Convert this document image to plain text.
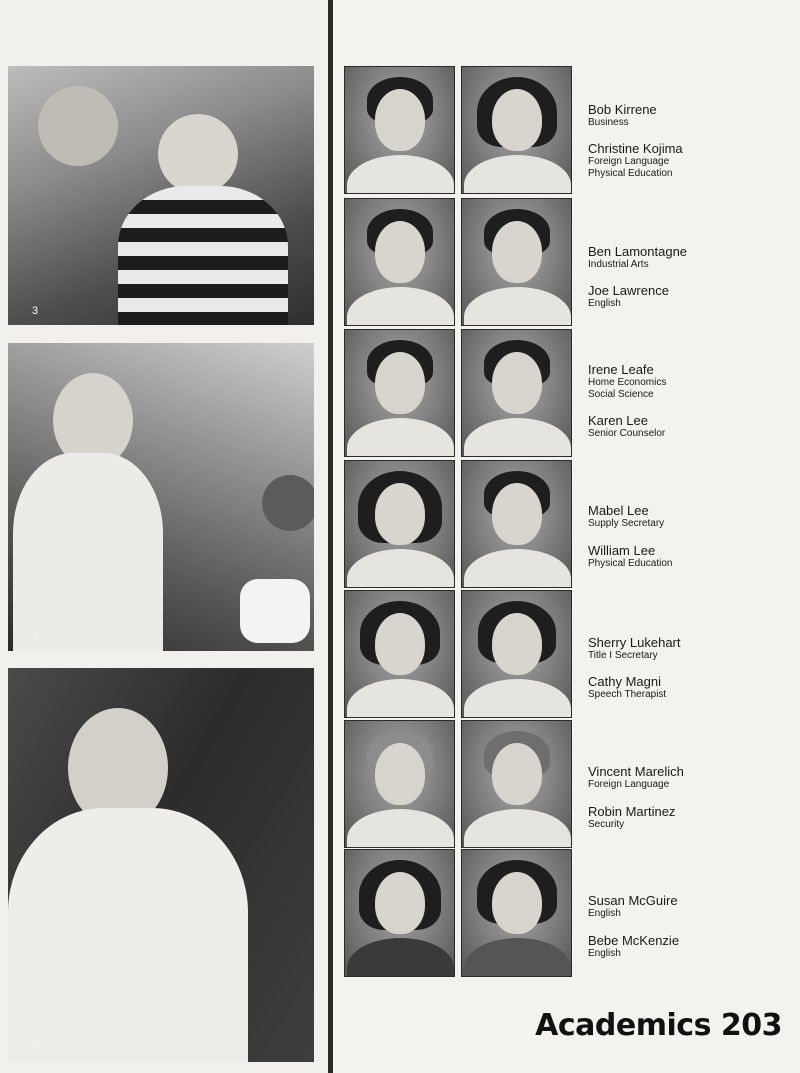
3
4
5
Bob Kirrene
Business
Christine Kojima
Foreign Language
Physical Education
Ben Lamontagne
Industrial Arts
Joe Lawrence
English
Irene Leafe
Home Economics
Social Science
Karen Lee
Senior Counselor
Mabel Lee
Supply Secretary
William Lee
Physical Education
Sherry Lukehart
Title I Secretary
Cathy Magni
Speech Therapist
Vincent Marelich
Foreign Language
Robin Martinez
Security
Susan McGuire
English
Bebe McKenzie
English
Academics 203
